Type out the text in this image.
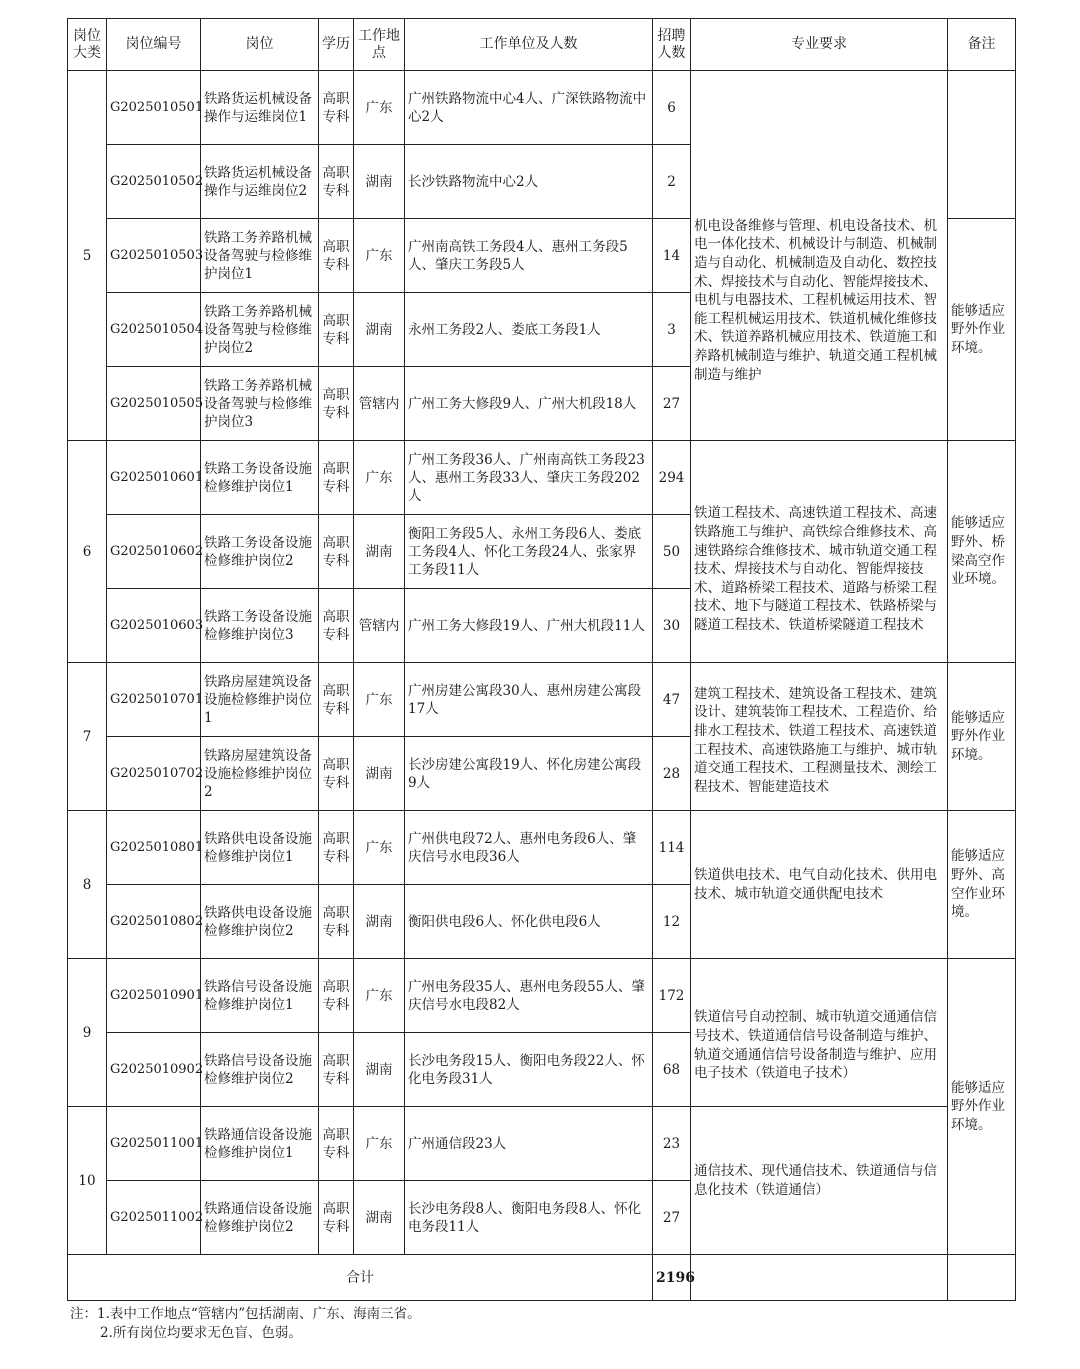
岗位大类	岗位编号	岗位	学历	工作地点	工作单位及人数	招聘人数	专业要求	备注
5	G2025010501	铁路货运机械设备操作与运维岗位1	高职专科	广东	广州铁路物流中心4人、广深铁路物流中心2人	6	机电设备维修与管理、机电设备技术、机电一体化技术、机械设计与制造、机械制造与自动化、机械制造及自动化、数控技术、焊接技术与自动化、智能焊接技术、电机与电器技术、工程机械运用技术、智能工程机械运用技术、铁道机械化维修技术、铁道养路机械应用技术、铁道施工和养路机械制造与维护、轨道交通工程机械制造与维护	
	G2025010502	铁路货运机械设备操作与运维岗位2	高职专科	湖南	长沙铁路物流中心2人	2		
	G2025010503	铁路工务养路机械设备驾驶与检修维护岗位1	高职专科	广东	广州南高铁工务段4人、惠州工务段5人、肇庆工务段5人	14		能够适应野外作业环境。
	G2025010504	铁路工务养路机械设备驾驶与检修维护岗位2	高职专科	湖南	永州工务段2人、娄底工务段1人	3		
	G2025010505	铁路工务养路机械设备驾驶与检修维护岗位3	高职专科	管辖内	广州工务大修段9人、广州大机段18人	27		
6	G2025010601	铁路工务设备设施检修维护岗位1	高职专科	广东	广州工务段36人、广州南高铁工务段23人、惠州工务段33人、肇庆工务段202人	294	铁道工程技术、高速铁道工程技术、高速铁路施工与维护、高铁综合维修技术、高速铁路综合维修技术、城市轨道交通工程技术、焊接技术与自动化、智能焊接技术、道路桥梁工程技术、道路与桥梁工程技术、地下与隧道工程技术、铁路桥梁与隧道工程技术、铁道桥梁隧道工程技术	能够适应野外、桥梁高空作业环境。
	G2025010602	铁路工务设备设施检修维护岗位2	高职专科	湖南	衡阳工务段5人、永州工务段6人、娄底工务段4人、怀化工务段24人、张家界工务段11人	50		
	G2025010603	铁路工务设备设施检修维护岗位3	高职专科	管辖内	广州工务大修段19人、广州大机段11人	30		
7	G2025010701	铁路房屋建筑设备设施检修维护岗位1	高职专科	广东	广州房建公寓段30人、惠州房建公寓段17人	47	建筑工程技术、建筑设备工程技术、建筑设计、建筑装饰工程技术、工程造价、给排水工程技术、铁道工程技术、高速铁道工程技术、高速铁路施工与维护、城市轨道交通工程技术、工程测量技术、测绘工程技术、智能建造技术	能够适应野外作业环境。
	G2025010702	铁路房屋建筑设备设施检修维护岗位2	高职专科	湖南	长沙房建公寓段19人、怀化房建公寓段9人	28		
8	G2025010801	铁路供电设备设施检修维护岗位1	高职专科	广东	广州供电段72人、惠州电务段6人、肇庆信号水电段36人	114	铁道供电技术、电气自动化技术、供用电技术、城市轨道交通供配电技术	能够适应野外、高空作业环境。
	G2025010802	铁路供电设备设施检修维护岗位2	高职专科	湖南	衡阳供电段6人、怀化供电段6人	12		
9	G2025010901	铁路信号设备设施检修维护岗位1	高职专科	广东	广州电务段35人、惠州电务段55人、肇庆信号水电段82人	172	铁道信号自动控制、城市轨道交通通信信号技术、铁道通信信号设备制造与维护、轨道交通通信信号设备制造与维护、应用电子技术（铁道电子技术）	能够适应野外作业环境。
	G2025010902	铁路信号设备设施检修维护岗位2	高职专科	湖南	长沙电务段15人、衡阳电务段22人、怀化电务段31人	68		
10	G2025011001	铁路通信设备设施检修维护岗位1	高职专科	广东	广州通信段23人	23	通信技术、现代通信技术、铁道通信与信息化技术（铁道通信）	
	G2025011002	铁路通信设备设施检修维护岗位2	高职专科	湖南	长沙电务段8人、衡阳电务段8人、怀化电务段11人	27		
合计						2196		
注：1.表中工作地点“管辖内”包括湖南、广东、海南三省。
2.所有岗位均要求无色盲、色弱。
